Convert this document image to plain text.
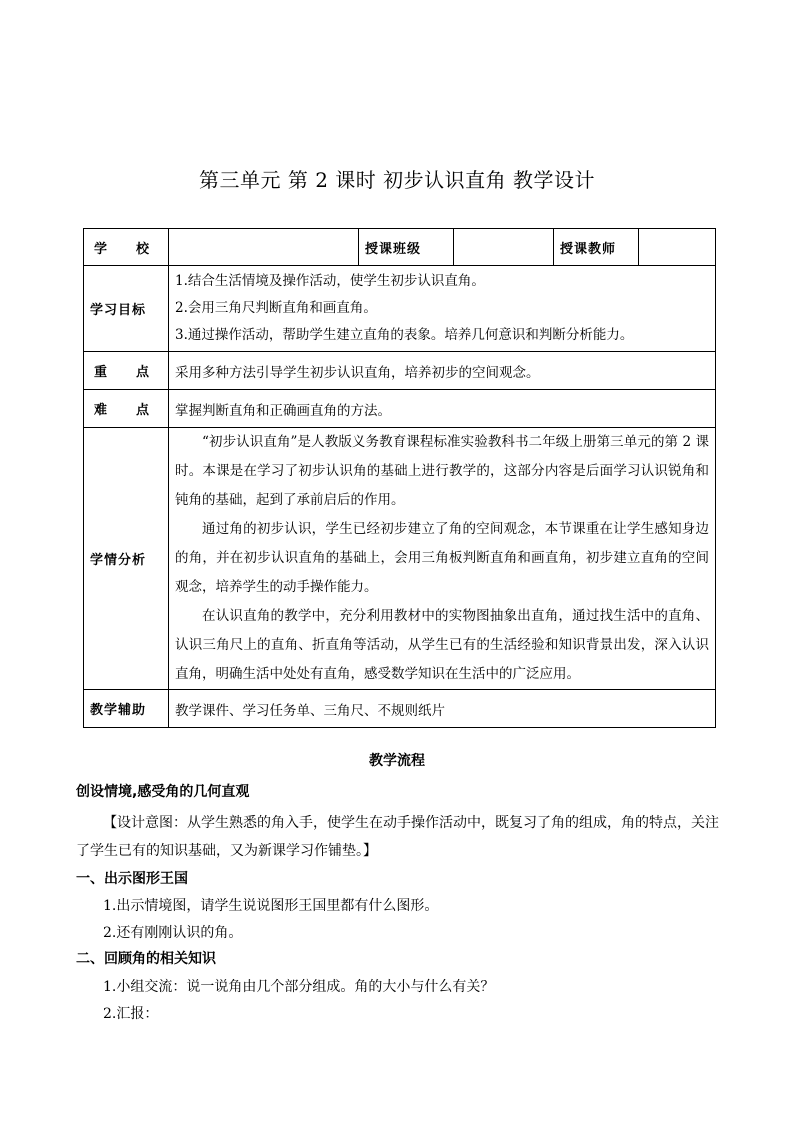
第三单元 第 2 课时 初步认识直角 教学设计
学 校		授课班级		授课教师	
学习目标	1.结合生活情境及操作活动，使学生初步认识直角。
2.会用三角尺判断直角和画直角。
3.通过操作活动，帮助学生建立直角的表象。培养几何意识和判断分析能力。				

重 点	采用多种方法引导学生初步认识直角，培养初步的空间观念。				

难 点	掌握判断直角和正确画直角的方法。				
学情分析	“初步认识直角”是人教版义务教育课程标准实验教科书二年级上册第三单元的第 2 课时。本课是在学习了初步认识角的基础上进行教学的，这部分内容是后面学习认识锐角和钝角的基础，起到了承前启后的作用。

通过角的初步认识，学生已经初步建立了角的空间观念，本节课重在让学生感知身边的角，并在初步认识直角的基础上，会用三角板判断直角和画直角，初步建立直角的空间观念，培养学生的动手操作能力。

在认识直角的教学中，充分利用教材中的实物图抽象出直角，通过找生活中的直角、认识三角尺上的直角、折直角等活动，从学生已有的生活经验和知识背景出发，深入认识直角，明确生活中处处有直角，感受数学知识在生活中的广泛应用。				

教学辅助	教学课件、学习任务单、三角尺、不规则纸片				
教学流程
创设情境,感受角的几何直观
【设计意图：从学生熟悉的角入手，使学生在动手操作活动中，既复习了角的组成，角的特点，关注
了学生已有的知识基础，又为新课学习作铺垫。】
一、出示图形王国
1.出示情境图，请学生说说图形王国里都有什么图形。
2.还有刚刚认识的角。
二、回顾角的相关知识
1.小组交流：说一说角由几个部分组成。角的大小与什么有关？
2.汇报：
